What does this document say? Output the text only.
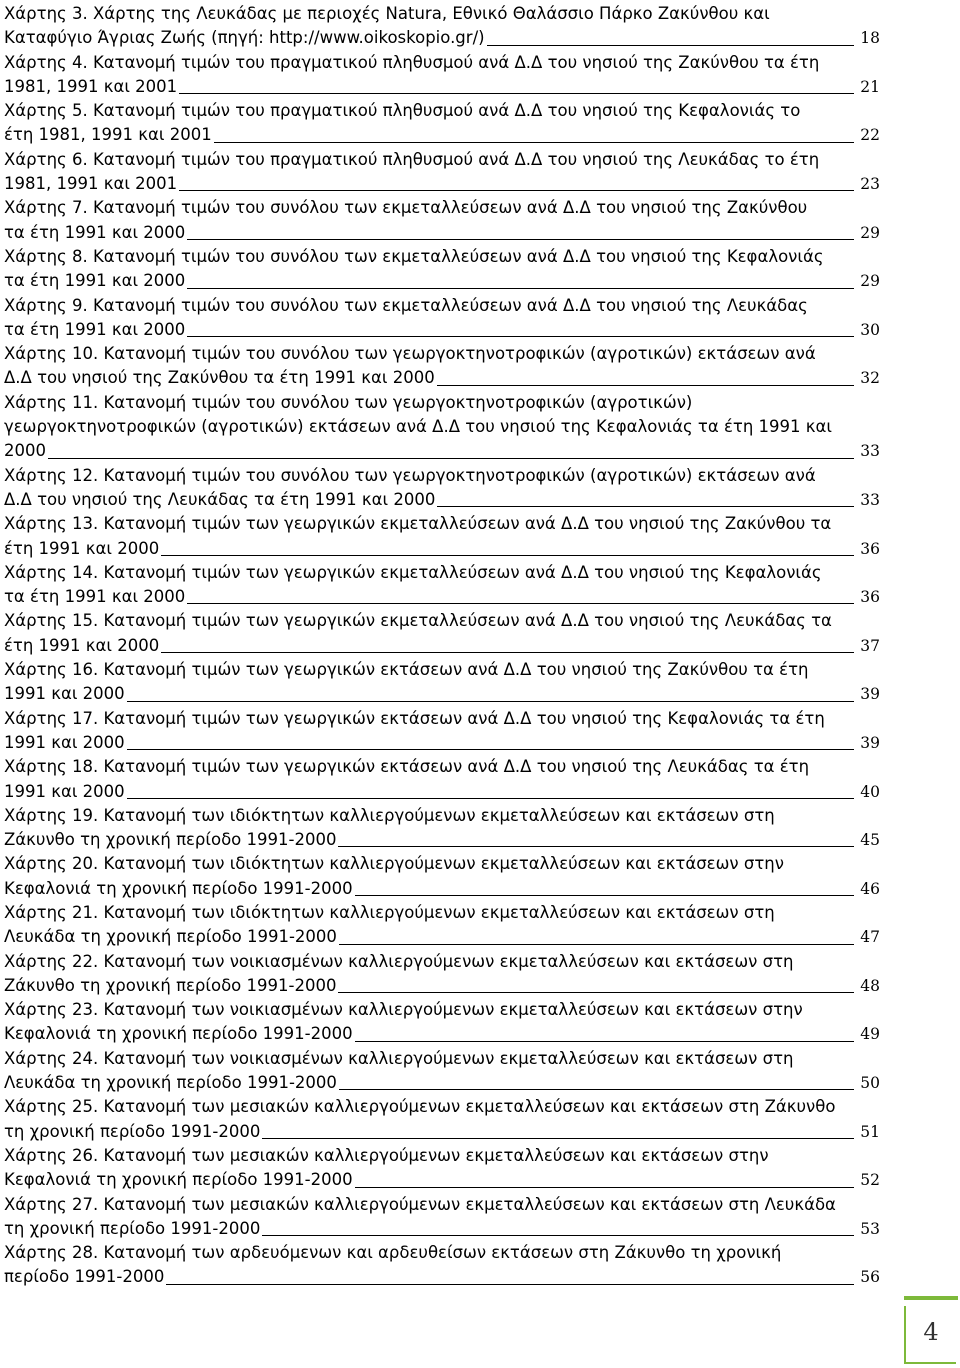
Χάρτης 3. Χάρτης της Λευκάδας με περιοχές Natura, Εθνικό Θαλάσσιο Πάρκο Ζακύνθου και
Καταφύγιο Άγριας Ζωής (πηγή: http://www.oikoskopio.gr/)	18
Χάρτης 4. Κατανομή τιμών του πραγματικού πληθυσμού ανά Δ.Δ του νησιού της Ζακύνθου τα έτη
1981, 1991 και 2001	21
Χάρτης 5. Κατανομή τιμών του πραγματικού πληθυσμού ανά Δ.Δ του νησιού της Κεφαλονιάς το
έτη 1981, 1991 και 2001	22
Χάρτης 6. Κατανομή τιμών του πραγματικού πληθυσμού ανά Δ.Δ του νησιού της Λευκάδας το έτη
1981, 1991 και 2001	23
Χάρτης 7. Κατανομή τιμών του συνόλου των εκμεταλλεύσεων ανά Δ.Δ του νησιού της Ζακύνθου
τα έτη 1991 και 2000	29
Χάρτης 8. Κατανομή τιμών του συνόλου των εκμεταλλεύσεων ανά Δ.Δ του νησιού της Κεφαλονιάς
τα έτη 1991 και 2000	29
Χάρτης 9. Κατανομή τιμών του συνόλου των εκμεταλλεύσεων ανά Δ.Δ του νησιού της Λευκάδας
τα έτη 1991 και 2000	30
Χάρτης 10. Κατανομή τιμών του συνόλου των γεωργοκτηνοτροφικών (αγροτικών) εκτάσεων ανά
Δ.Δ του νησιού της Ζακύνθου τα έτη 1991 και 2000	32
Χάρτης 11. Κατανομή τιμών του συνόλου των γεωργοκτηνοτροφικών (αγροτικών)
γεωργοκτηνοτροφικών (αγροτικών) εκτάσεων ανά Δ.Δ του νησιού της Κεφαλονιάς τα έτη 1991 και
2000	33
Χάρτης 12. Κατανομή τιμών του συνόλου των γεωργοκτηνοτροφικών (αγροτικών) εκτάσεων ανά
Δ.Δ του νησιού της Λευκάδας τα έτη 1991 και 2000	33
Χάρτης 13. Κατανομή τιμών των γεωργικών εκμεταλλεύσεων ανά Δ.Δ του νησιού της Ζακύνθου τα
έτη 1991 και 2000	36
Χάρτης 14. Κατανομή τιμών των γεωργικών εκμεταλλεύσεων ανά Δ.Δ του νησιού της Κεφαλονιάς
τα έτη 1991 και 2000	36
Χάρτης 15. Κατανομή τιμών των γεωργικών εκμεταλλεύσεων ανά Δ.Δ του νησιού της Λευκάδας τα
έτη 1991 και 2000	37
Χάρτης 16. Κατανομή τιμών των γεωργικών εκτάσεων ανά Δ.Δ του νησιού της Ζακύνθου τα έτη
1991 και 2000	39
Χάρτης 17. Κατανομή τιμών των γεωργικών εκτάσεων ανά Δ.Δ του νησιού της Κεφαλονιάς τα έτη
1991 και 2000	39
Χάρτης 18. Κατανομή τιμών των γεωργικών εκτάσεων ανά Δ.Δ του νησιού της Λευκάδας τα έτη
1991 και 2000	40
Χάρτης 19. Κατανομή των ιδιόκτητων καλλιεργούμενων εκμεταλλεύσεων και εκτάσεων στη
Ζάκυνθο τη χρονική περίοδο 1991-2000	45
Χάρτης 20. Κατανομή των ιδιόκτητων καλλιεργούμενων εκμεταλλεύσεων και εκτάσεων στην
Κεφαλονιά τη χρονική περίοδο 1991-2000	46
Χάρτης 21. Κατανομή των ιδιόκτητων καλλιεργούμενων εκμεταλλεύσεων και εκτάσεων στη
Λευκάδα τη χρονική περίοδο 1991-2000	47
Χάρτης 22. Κατανομή των νοικιασμένων καλλιεργούμενων εκμεταλλεύσεων και εκτάσεων στη
Ζάκυνθο τη χρονική περίοδο 1991-2000	48
Χάρτης 23. Κατανομή των νοικιασμένων καλλιεργούμενων εκμεταλλεύσεων και εκτάσεων στην
Κεφαλονιά τη χρονική περίοδο 1991-2000	49
Χάρτης 24. Κατανομή των νοικιασμένων καλλιεργούμενων εκμεταλλεύσεων και εκτάσεων στη
Λευκάδα τη χρονική περίοδο 1991-2000	50
Χάρτης 25. Κατανομή των μεσιακών καλλιεργούμενων εκμεταλλεύσεων και εκτάσεων στη Ζάκυνθο
τη χρονική περίοδο 1991-2000	51
Χάρτης 26. Κατανομή των μεσιακών καλλιεργούμενων εκμεταλλεύσεων και εκτάσεων στην
Κεφαλονιά τη χρονική περίοδο 1991-2000	52
Χάρτης 27. Κατανομή των μεσιακών καλλιεργούμενων εκμεταλλεύσεων και εκτάσεων στη Λευκάδα
τη χρονική περίοδο 1991-2000	53
Χάρτης 28. Κατανομή των αρδευόμενων και αρδευθείσων εκτάσεων στη Ζάκυνθο τη χρονική
περίοδο 1991-2000	56
4
